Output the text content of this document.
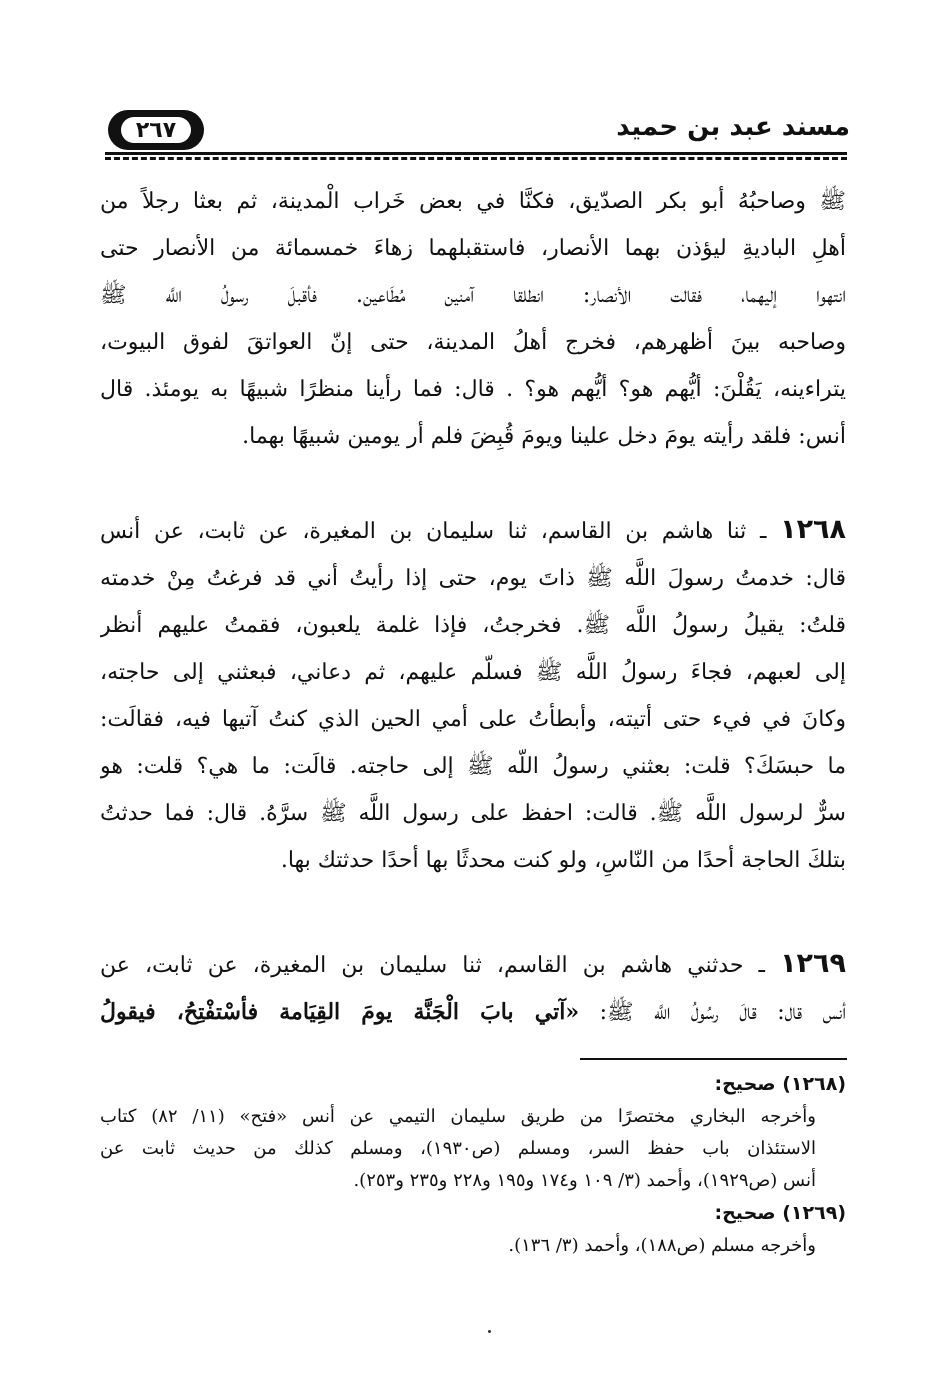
٢٦٧	مسند عبد بن حميد
ﷺ وصاحبُهُ أبو بكر الصدّيق، فكنَّا في بعض خَراب الْمدينة، ثم بعثا رجلاً من
أهلِ الباديةِ ليؤذن بهما الأنصار، فاستقبلهما زهاءَ خمسمائة من الأنصار حتى
انتهوا إليهما، فقالت الأنصار: انطلقا آمنين مُطَاعين. فأقبلَ رسولُ اللَّه ﷺ
وصاحبه بينَ أظهرهم، فخرج أهلُ المدينة، حتى إنّ العواتقَ لفوق البيوت،
يتراءينه، يَقُلْنَ: أيُّهم هو؟ أيُّهم هو؟ . قال: فما رأينا منظرًا شبيهًا به يومئذ. قال
أنس: فلقد رأيته يومَ دخل علينا ويومَ قُبِضَ فلم أر يومين شبيهًا بهما.
١٢٦٨ ـ ثنا هاشم بن القاسم، ثنا سليمان بن المغيرة، عن ثابت، عن أنس
قال: خدمتُ رسولَ اللَّه ﷺ ذاتَ يوم، حتى إذا رأيتُ أني قد فرغتُ مِنْ خدمته
قلتُ: يقيلُ رسولُ اللَّه ﷺ. فخرجتُ، فإذا غلمة يلعبون، فقمتُ عليهم أنظر
إلى لعبهم، فجاءَ رسولُ اللَّه ﷺ فسلّم عليهم، ثم دعاني، فبعثني إلى حاجته،
وكانَ في فيء حتى أتيته، وأبطأتُ على أمي الحين الذي كنتُ آتيها فيه، فقالَت:
ما حبسَكَ؟ قلت: بعثني رسولُ اللّه ﷺ إلى حاجته. قالَت: ما هي؟ قلت: هو
سرٌّ لرسول اللَّه ﷺ. قالت: احفظ على رسول اللَّه ﷺ سرَّهُ. قال: فما حدثتُ
بتلكَ الحاجة أحدًا من النّاسِ، ولو كنت محدثًا بها أحدًا حدثتك بها.
١٢٦٩ ـ حدثني هاشم بن القاسم، ثنا سليمان بن المغيرة، عن ثابت، عن
أنس قال: قالَ رسُولُ اللَّه ﷺ: «آتي بابَ الْجَنَّة يومَ القِيَامة فأسْتفْتِحُ، فيقولُ
(١٢٦٨) صحيح:
وأخرجه البخاري مختصرًا من طريق سليمان التيمي عن أنس «فتح» (١١/ ٨٢) كتاب
الاستئذان باب حفظ السر، ومسلم (ص١٩٣٠)، ومسلم كذلك من حديث ثابت عن
أنس (ص١٩٢٩)، وأحمد (٣/ ١٠٩ و١٧٤ و١٩٥ و٢٢٨ و٢٣٥ و٢٥٣).
(١٢٦٩) صحيح:
وأخرجه مسلم (ص١٨٨)، وأحمد (٣/ ١٣٦).
